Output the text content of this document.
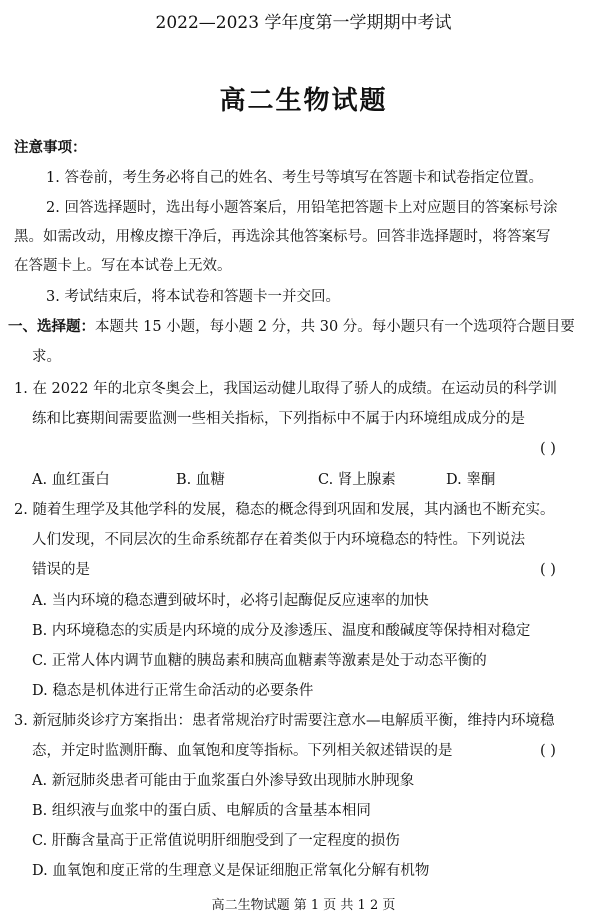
2022—2023 学年度第一学期期中考试
高二生物试题
注意事项：
1. 答卷前，考生务必将自己的姓名、考生号等填写在答题卡和试卷指定位置。
2. 回答选择题时，选出每小题答案后，用铅笔把答题卡上对应题目的答案标号涂
黑。如需改动，用橡皮擦干净后，再选涂其他答案标号。回答非选择题时，将答案写
在答题卡上。写在本试卷上无效。
3. 考试结束后，将本试卷和答题卡一并交回。
一、选择题：本题共 15 小题，每小题 2 分，共 30 分。每小题只有一个选项符合题目要
求。
1. 在 2022 年的北京冬奥会上，我国运动健儿取得了骄人的成绩。在运动员的科学训
练和比赛期间需要监测一些相关指标，下列指标中不属于内环境组成成分的是
( )
A. 血红蛋白	B. 血糖	C. 肾上腺素	D. 睾酮
2. 随着生理学及其他学科的发展，稳态的概念得到巩固和发展，其内涵也不断充实。
人们发现，不同层次的生命系统都存在着类似于内环境稳态的特性。下列说法
错误的是	( )
A. 当内环境的稳态遭到破坏时，必将引起酶促反应速率的加快
B. 内环境稳态的实质是内环境的成分及渗透压、温度和酸碱度等保持相对稳定
C. 正常人体内调节血糖的胰岛素和胰高血糖素等激素是处于动态平衡的
D. 稳态是机体进行正常生命活动的必要条件
3. 新冠肺炎诊疗方案指出：患者常规治疗时需要注意水—电解质平衡，维持内环境稳
态，并定时监测肝酶、血氧饱和度等指标。下列相关叙述错误的是	( )
A. 新冠肺炎患者可能由于血浆蛋白外渗导致出现肺水肿现象
B. 组织液与血浆中的蛋白质、电解质的含量基本相同
C. 肝酶含量高于正常值说明肝细胞受到了一定程度的损伤
D. 血氧饱和度正常的生理意义是保证细胞正常氧化分解有机物
高二生物试题 第 1 页 共 1 2 页
